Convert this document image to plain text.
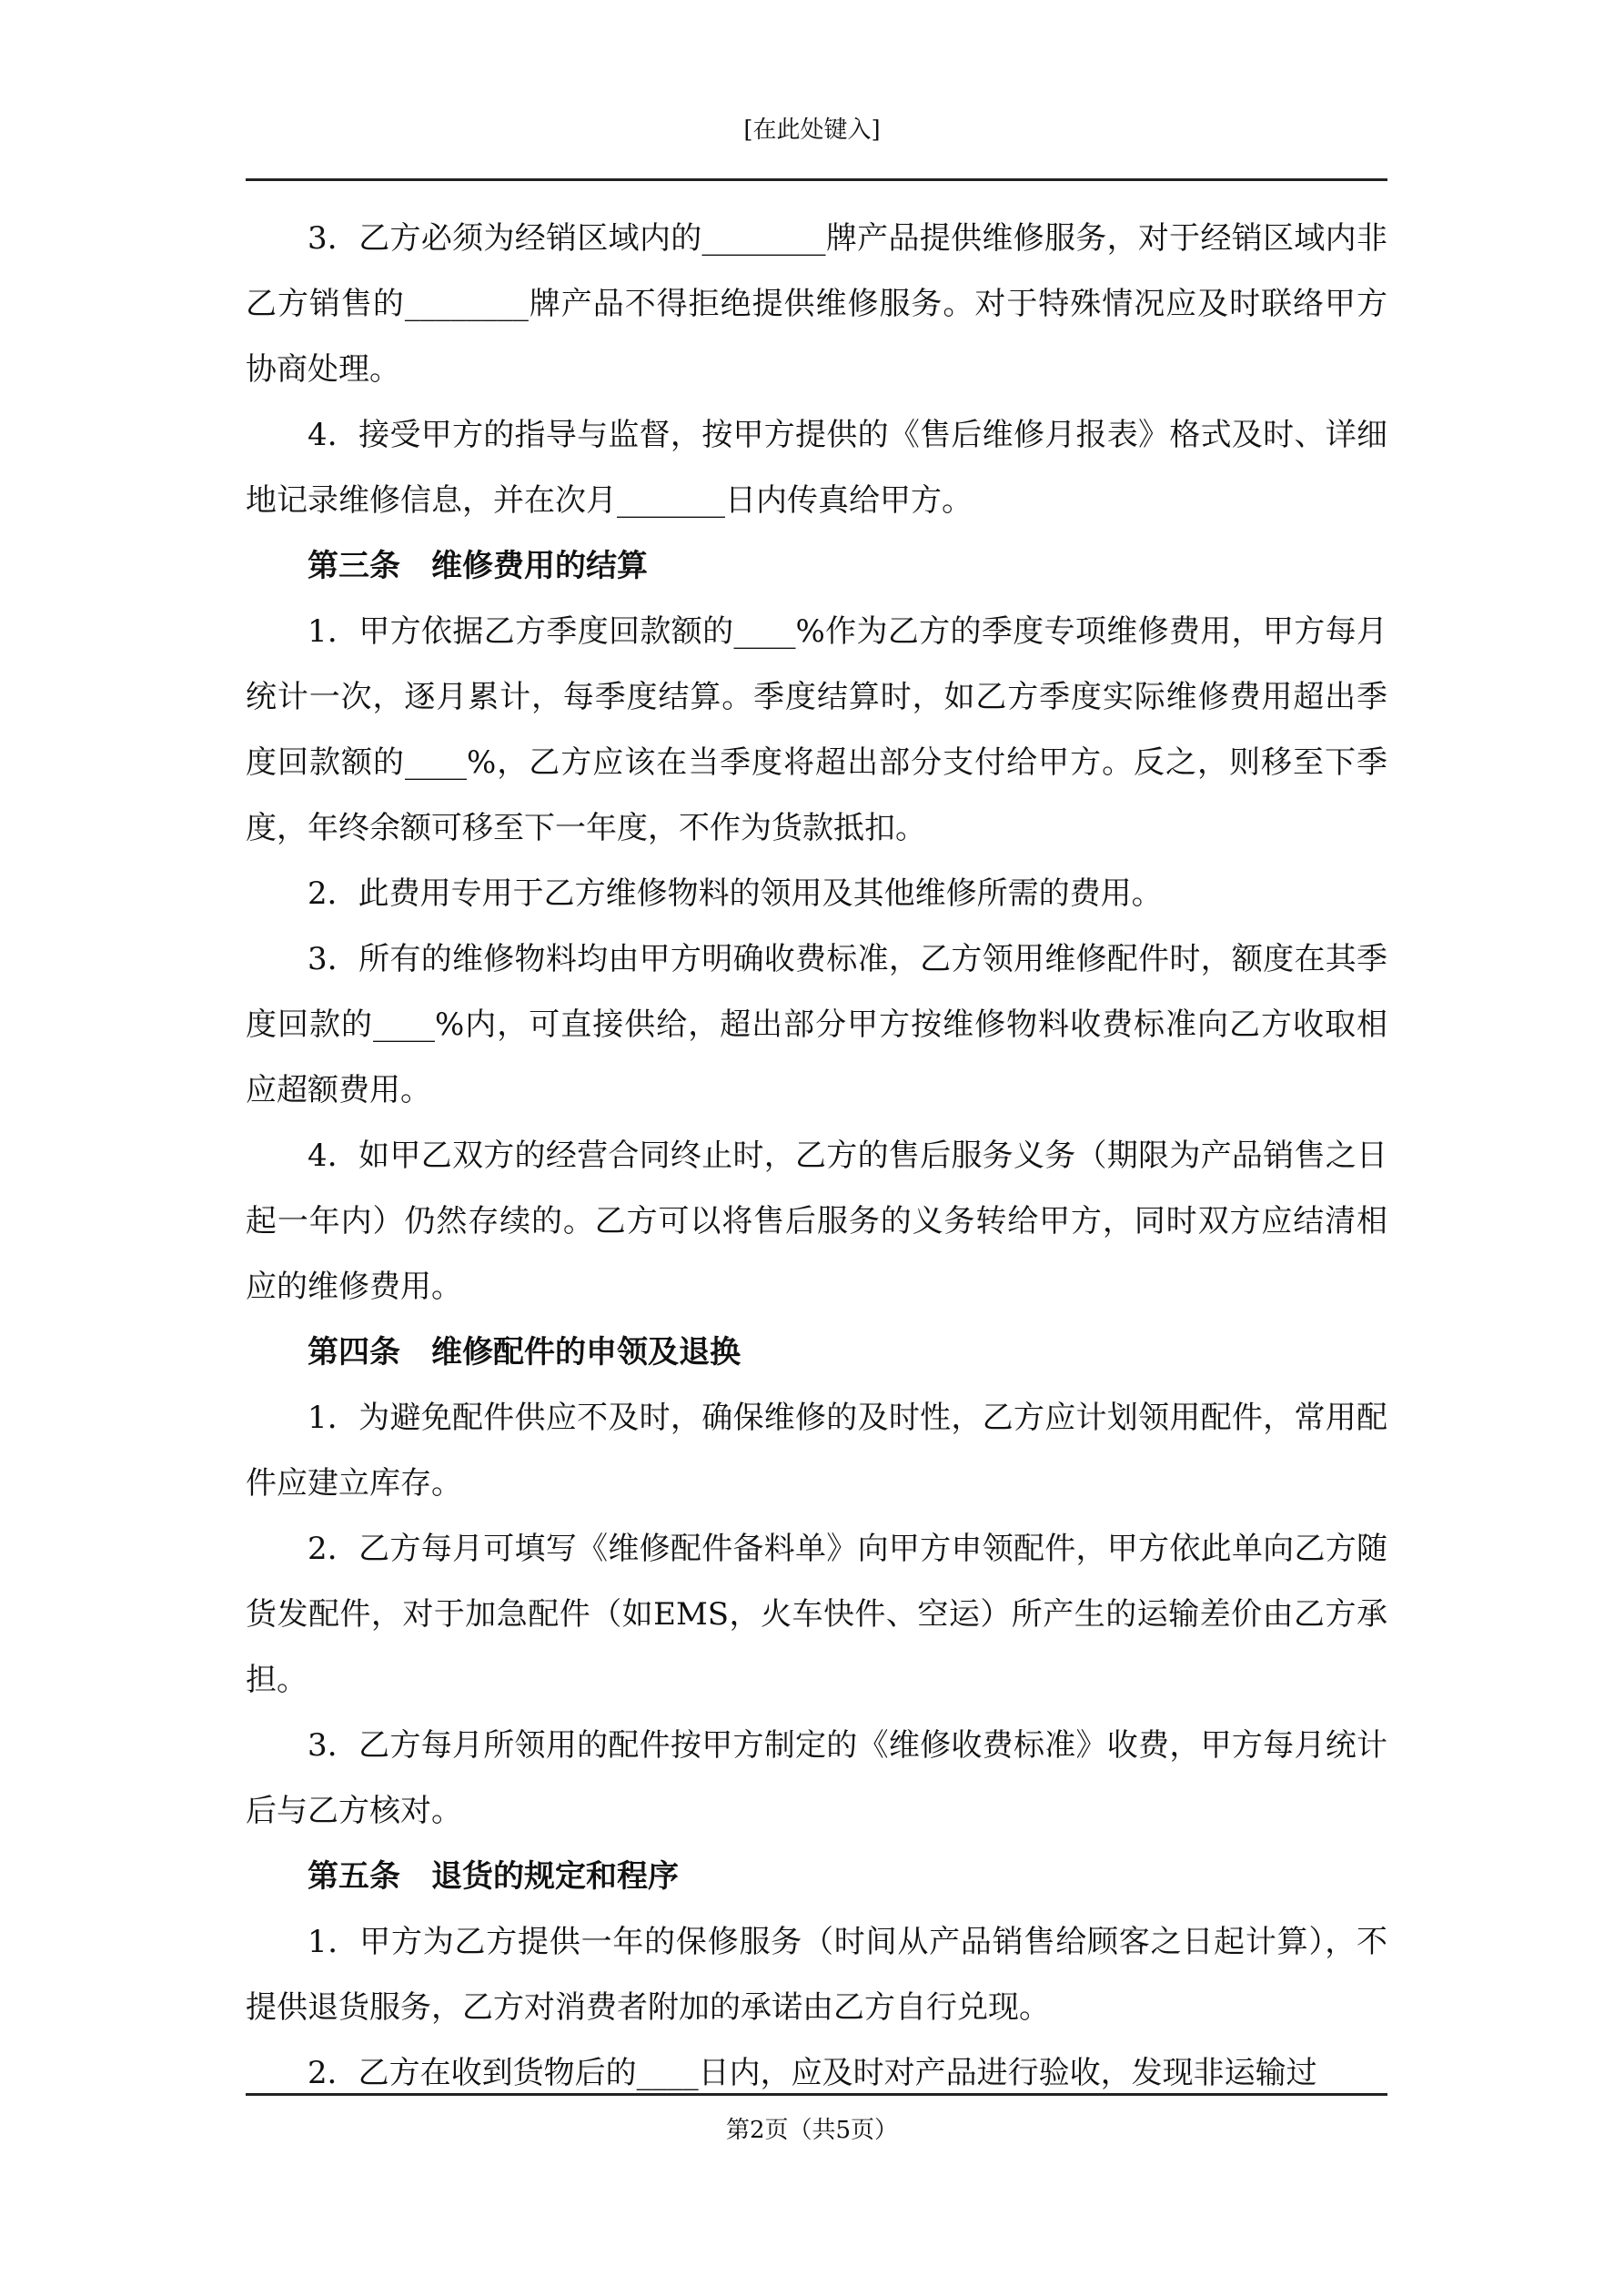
[在此处键入]

3．乙方必须为经销区域内的________牌产品提供维修服务，对于经销区域内非乙方销售的________牌产品不得拒绝提供维修服务。对于特殊情况应及时联络甲方协商处理。

4．接受甲方的指导与监督，按甲方提供的《售后维修月报表》格式及时、详细地记录维修信息，并在次月_______日内传真给甲方。

第三条　维修费用的结算

1．甲方依据乙方季度回款额的____%作为乙方的季度专项维修费用，甲方每月统计一次，逐月累计，每季度结算。季度结算时，如乙方季度实际维修费用超出季度回款额的____%，乙方应该在当季度将超出部分支付给甲方。反之，则移至下季度，年终余额可移至下一年度，不作为货款抵扣。

2．此费用专用于乙方维修物料的领用及其他维修所需的费用。

3．所有的维修物料均由甲方明确收费标准，乙方领用维修配件时，额度在其季度回款的____%内，可直接供给，超出部分甲方按维修物料收费标准向乙方收取相应超额费用。

4．如甲乙双方的经营合同终止时，乙方的售后服务义务（期限为产品销售之日起一年内）仍然存续的。乙方可以将售后服务的义务转给甲方，同时双方应结清相应的维修费用。

第四条　维修配件的申领及退换

1．为避免配件供应不及时，确保维修的及时性，乙方应计划领用配件，常用配件应建立库存。

2．乙方每月可填写《维修配件备料单》向甲方申领配件，甲方依此单向乙方随货发配件，对于加急配件（如EMS，火车快件、空运）所产生的运输差价由乙方承担。

3．乙方每月所领用的配件按甲方制定的《维修收费标准》收费，甲方每月统计后与乙方核对。

第五条　退货的规定和程序

1．甲方为乙方提供一年的保修服务（时间从产品销售给顾客之日起计算），不提供退货服务，乙方对消费者附加的承诺由乙方自行兑现。

2．乙方在收到货物后的____日内，应及时对产品进行验收，发现非运输过

第2页（共5页）
